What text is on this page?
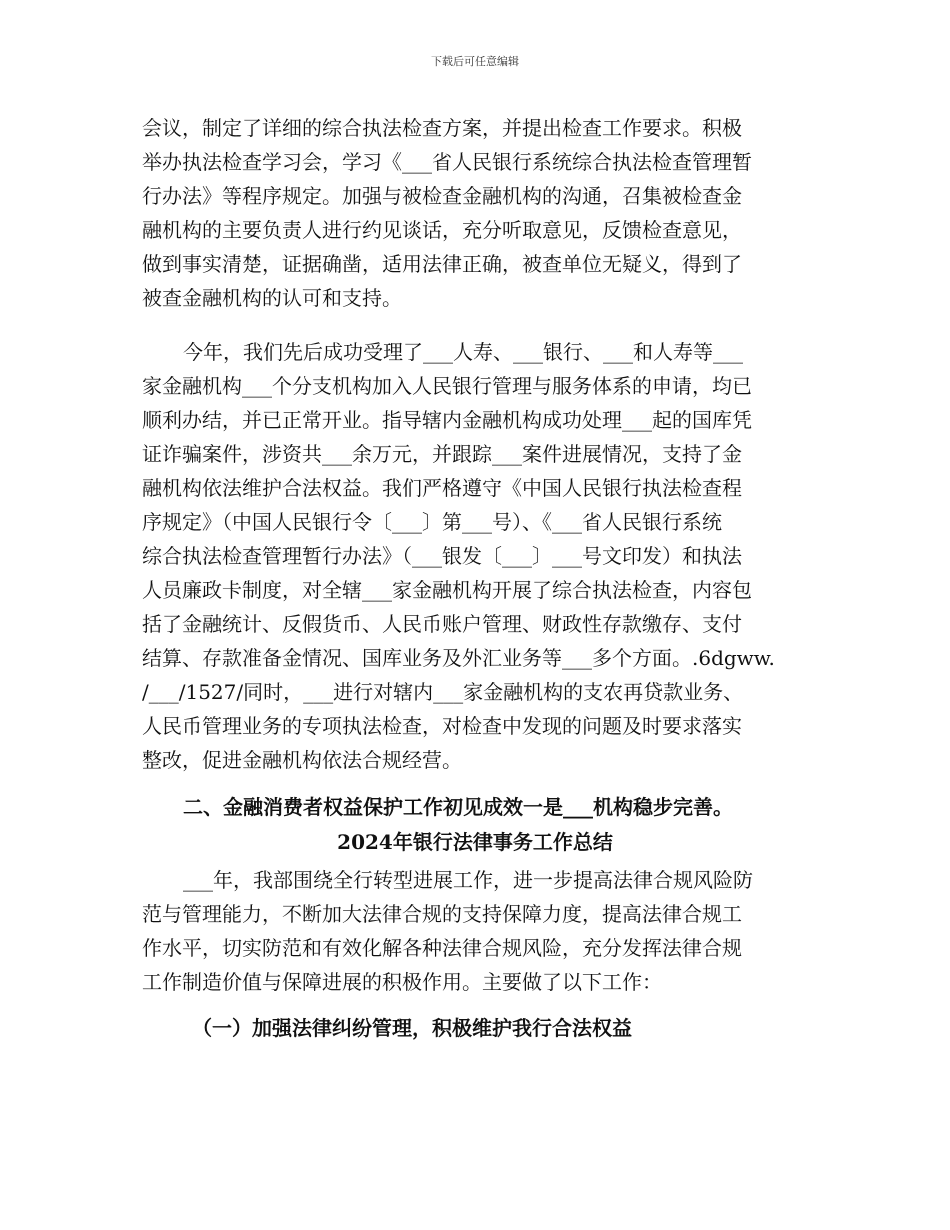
下载后可任意编辑
会议，制定了详细的综合执法检查方案，并提出检查工作要求。积极
举办执法检查学习会，学习《___省人民银行系统综合执法检查管理暂
行办法》等程序规定。加强与被检查金融机构的沟通，召集被检查金
融机构的主要负责人进行约见谈话，充分听取意见，反馈检查意见，
做到事实清楚，证据确凿，适用法律正确，被查单位无疑义，得到了
被查金融机构的认可和支持。
今年，我们先后成功受理了___人寿、___银行、___和人寿等___
家金融机构___个分支机构加入人民银行管理与服务体系的申请，均已
顺利办结，并已正常开业。指导辖内金融机构成功处理___起的国库凭
证诈骗案件，涉资共___余万元，并跟踪___案件进展情况，支持了金
融机构依法维护合法权益。我们严格遵守《中国人民银行执法检查程
序规定》（中国人民银行令〔___〕第___号）、《___省人民银行系统
综合执法检查管理暂行办法》（___银发〔___〕___号文印发）和执法
人员廉政卡制度，对全辖___家金融机构开展了综合执法检查，内容包
括了金融统计、反假货币、人民币账户管理、财政性存款缴存、支付
结算、存款准备金情况、国库业务及外汇业务等___多个方面。.6dgww.
/___/1527/同时，___进行对辖内___家金融机构的支农再贷款业务、
人民币管理业务的专项执法检查，对检查中发现的问题及时要求落实
整改，促进金融机构依法合规经营。
二、金融消费者权益保护工作初见成效一是___机构稳步完善。
2024年银行法律事务工作总结
___年，我部围绕全行转型进展工作，进一步提高法律合规风险防
范与管理能力，不断加大法律合规的支持保障力度，提高法律合规工
作水平，切实防范和有效化解各种法律合规风险，充分发挥法律合规
工作制造价值与保障进展的积极作用。主要做了以下工作：
（一）加强法律纠纷管理，积极维护我行合法权益
